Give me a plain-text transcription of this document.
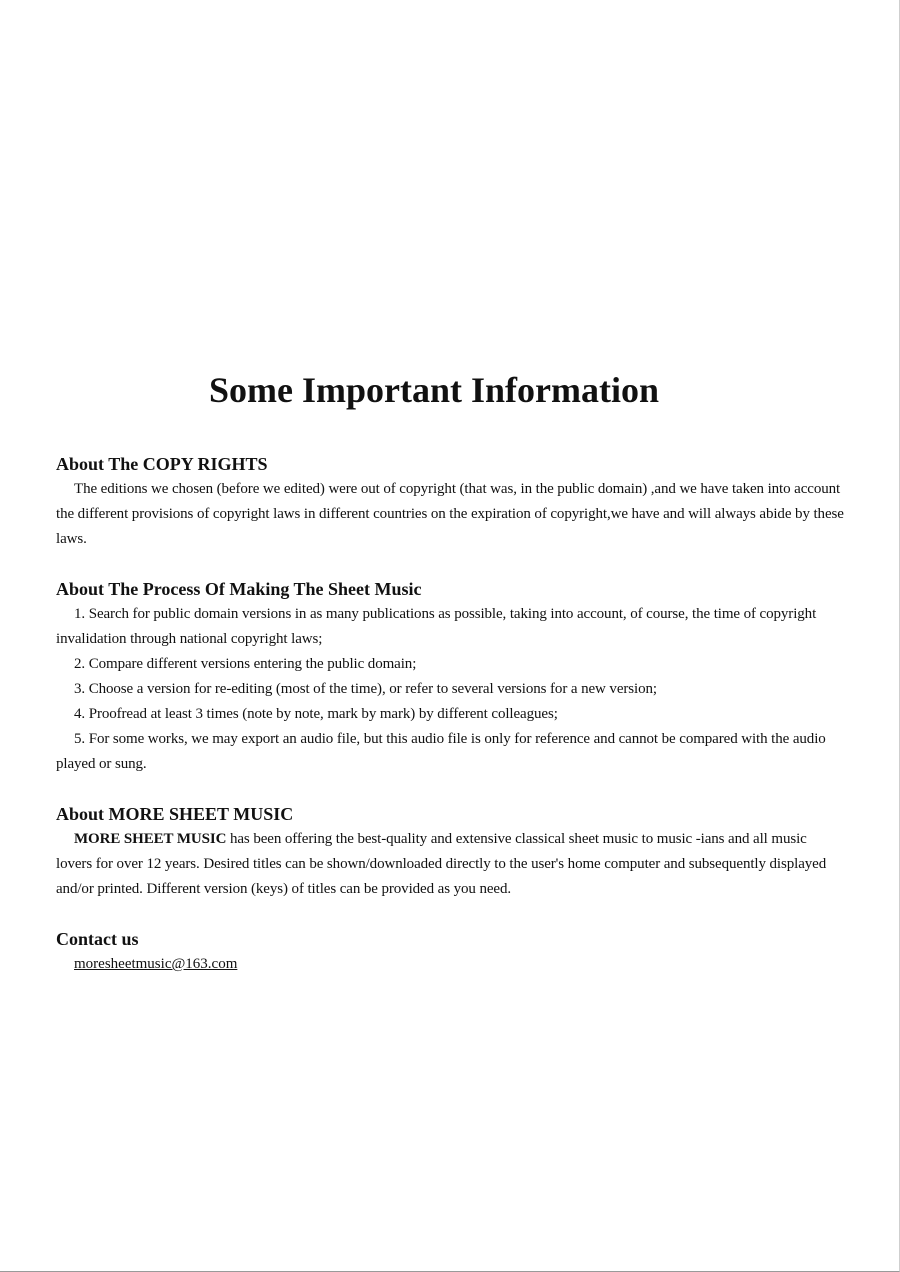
Some Important Information
About The COPY RIGHTS

The editions we chosen (before we edited) were out of copyright (that was, in the public domain) ,and we have taken into account the different provisions of copyright laws in different countries on the expiration of copyright,we have and will always abide by these laws.

About The Process Of Making The Sheet Music
1. Search for public domain versions in as many publications as possible, taking into account, of course, the time of copyright invalidation through national copyright laws;
2. Compare different versions entering the public domain;
3. Choose a version for re-editing (most of the time), or refer to several versions for a new version;
4. Proofread at least 3 times (note by note, mark by mark) by different colleagues;
5. For some works, we may export an audio file, but this audio file is only for reference and cannot be compared with the audio played or sung.
About MORE SHEET MUSIC

MORE SHEET MUSIC has been offering the best-quality and extensive classical sheet music to music -ians and all music lovers for over 12 years. Desired titles can be shown/downloaded directly to the user's home computer and subsequently displayed and/or printed. Different version (keys) of titles can be provided as you need.

Contact us
moresheetmusic@163.com
